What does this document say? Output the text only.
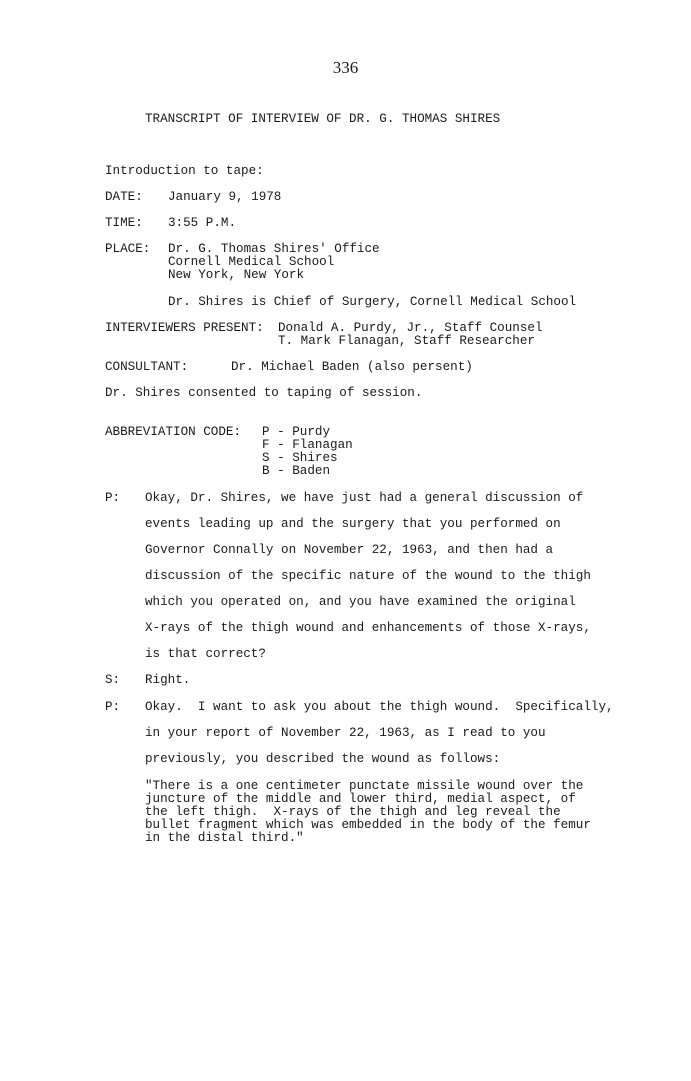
336
TRANSCRIPT OF INTERVIEW OF DR. G. THOMAS SHIRES
Introduction to tape:
DATE: January 9, 1978
TIME: 3:55 P.M.
PLACE: Dr. G. Thomas Shires' Office
Cornell Medical School
New York, New York
Dr. Shires is Chief of Surgery, Cornell Medical School
INTERVIEWERS PRESENT: Donald A. Purdy, Jr., Staff Counsel
T. Mark Flanagan, Staff Researcher
CONSULTANT:	Dr. Michael Baden (also persent)
Dr. Shires consented to taping of session.
ABBREVIATION CODE: P - Purdy
F - Flanagan
S - Shires
B - Baden
P: Okay, Dr. Shires, we have just had a general discussion of
events leading up and the surgery that you performed on
Governor Connally on November 22, 1963, and then had a
discussion of the specific nature of the wound to the thigh
which you operated on, and you have examined the original
X-rays of the thigh wound and enhancements of those X-rays,
is that correct?
S: Right.
P: Okay.  I want to ask you about the thigh wound.  Specifically,
in your report of November 22, 1963, as I read to you
previously, you described the wound as follows:
"There is a one centimeter punctate missile wound over the
juncture of the middle and lower third, medial aspect, of
the left thigh.  X-rays of the thigh and leg reveal the
bullet fragment which was embedded in the body of the femur
in the distal third."
